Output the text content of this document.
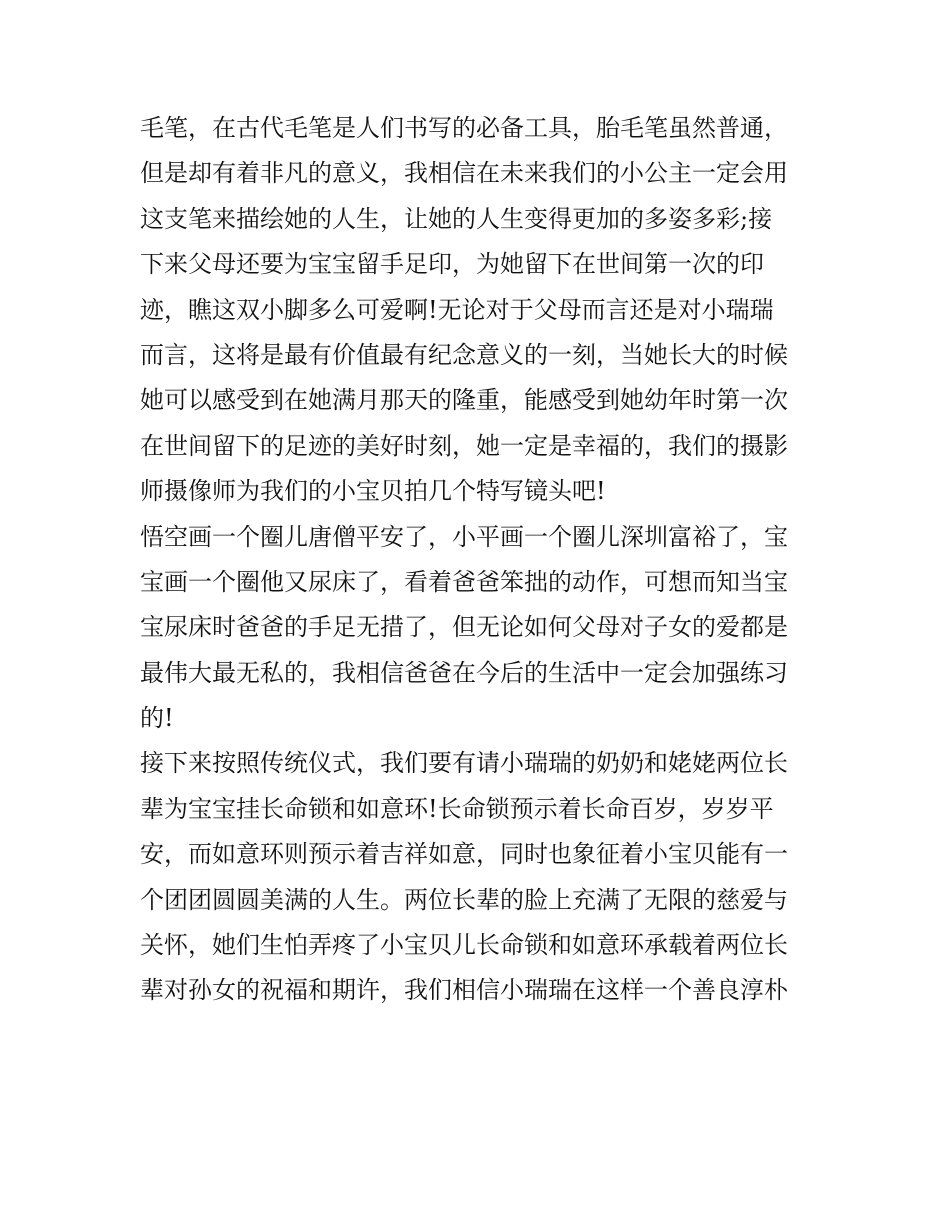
毛笔，在古代毛笔是人们书写的必备工具，胎毛笔虽然普通，
但是却有着非凡的意义，我相信在未来我们的小公主一定会用
这支笔来描绘她的人生，让她的人生变得更加的多姿多彩;接
下来父母还要为宝宝留手足印，为她留下在世间第一次的印
迹，瞧这双小脚多么可爱啊!无论对于父母而言还是对小瑞瑞
而言，这将是最有价值最有纪念意义的一刻，当她长大的时候
她可以感受到在她满月那天的隆重，能感受到她幼年时第一次
在世间留下的足迹的美好时刻，她一定是幸福的，我们的摄影
师摄像师为我们的小宝贝拍几个特写镜头吧!
悟空画一个圈儿唐僧平安了，小平画一个圈儿深圳富裕了，宝
宝画一个圈他又尿床了，看着爸爸笨拙的动作，可想而知当宝
宝尿床时爸爸的手足无措了，但无论如何父母对子女的爱都是
最伟大最无私的，我相信爸爸在今后的生活中一定会加强练习
的!
接下来按照传统仪式，我们要有请小瑞瑞的奶奶和姥姥两位长
辈为宝宝挂长命锁和如意环!长命锁预示着长命百岁，岁岁平
安，而如意环则预示着吉祥如意，同时也象征着小宝贝能有一
个团团圆圆美满的人生。两位长辈的脸上充满了无限的慈爱与
关怀，她们生怕弄疼了小宝贝儿长命锁和如意环承载着两位长
辈对孙女的祝福和期许，我们相信小瑞瑞在这样一个善良淳朴
